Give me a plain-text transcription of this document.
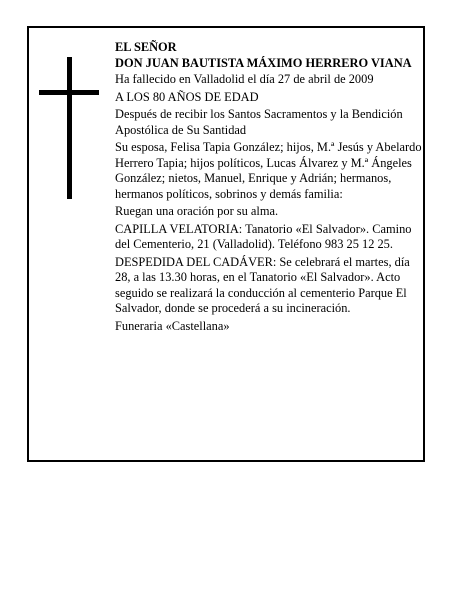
EL SEÑOR

DON JUAN BAUTISTA MÁXIMO HERRERO VIANA

Ha fallecido en Valladolid el día 27 de abril de 2009

A LOS 80 AÑOS DE EDAD

Después de recibir los Santos Sacramentos y la Bendición Apostólica de Su Santidad

Su esposa, Felisa Tapia González; hijos, M.ª Jesús y Abelardo Herrero Tapia; hijos políticos, Lucas Álvarez y M.ª Ángeles González; nietos, Manuel, Enrique y Adrián; hermanos, hermanos políticos, sobrinos y demás familia:

Ruegan una oración por su alma.

CAPILLA VELATORIA: Tanatorio «El Salvador». Camino del Cementerio, 21 (Valladolid). Teléfono 983 25 12 25.

DESPEDIDA DEL CADÁVER: Se celebrará el martes, día 28, a las 13.30 horas, en el Tanatorio «El Salvador». Acto seguido se realizará la conducción al cementerio Parque El Salvador, donde se procederá a su incineración.

Funeraria «Castellana»
